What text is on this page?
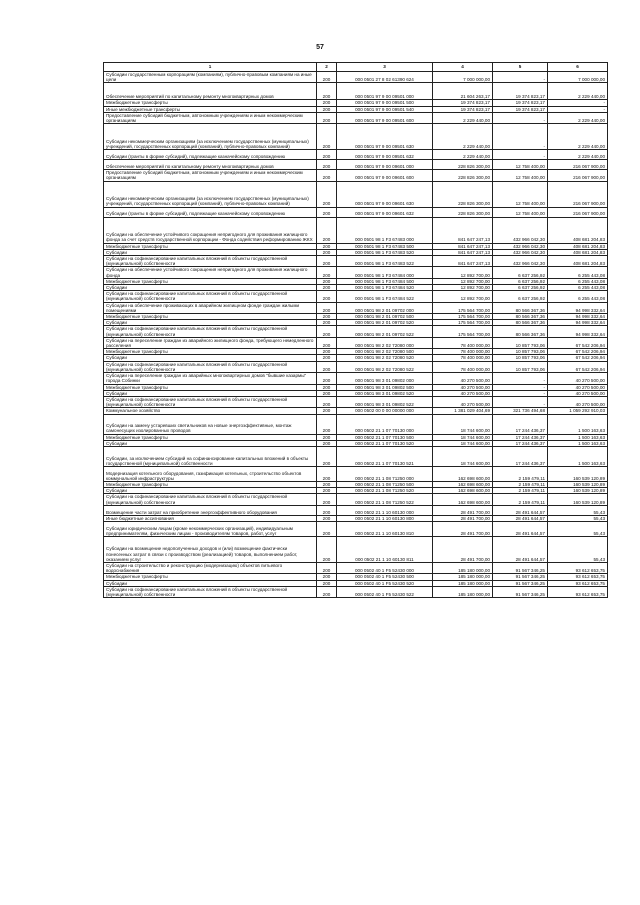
57
1	2	3	4	5	6
Субсидии государственным корпорациям (компаниям), публично-правовым компаниям на иные цели	200	000 0501 27 8 02 61390 624	7 000 000,00	-	7 000 000,00
Обеспечение мероприятий по капитальному ремонту многоквартирных домов	200	000 0501 97 9 00 09501 000	21 604 263,17	19 374 823,17	2 229 440,00
Межбюджетные трансферты	200	000 0501 97 9 00 09501 500	19 374 823,17	19 374 823,17	-
Иные межбюджетные трансферты	200	000 0501 97 9 00 09501 540	19 374 823,17	19 374 823,17	-
Предоставление субсидий бюджетным, автономным учреждениям и иным некоммерческим организациям	200	000 0501 97 9 00 09501 600	2 229 440,00	-	2 229 440,00
Субсидии некоммерческим организациям (за исключением государственных (муниципальных) учреждений, государственных корпораций (компаний), публично-правовых компаний)	200	000 0501 97 9 00 09501 630	2 229 440,00	-	2 229 440,00
Субсидии (гранты в форме субсидий), подлежащие казначейскому сопровождению	200	000 0501 97 9 00 09501 632	2 229 440,00	-	2 229 440,00
Обеспечение мероприятий по капитальному ремонту многоквартирных домов	200	000 0501 97 9 00 09601 000	228 826 300,00	12 758 400,00	216 067 900,00
Предоставление субсидий бюджетным, автономным учреждениям и иным некоммерческим организациям	200	000 0501 97 9 00 09601 600	228 826 300,00	12 758 400,00	216 067 900,00
Субсидии некоммерческим организациям (за исключением государственных (муниципальных) учреждений, государственных корпораций (компаний), публично-правовых компаний)	200	000 0501 97 9 00 09601 630	228 826 300,00	12 758 400,00	216 067 900,00
Субсидии (гранты в форме субсидий), подлежащие казначейскому сопровождению	200	000 0501 97 9 00 09601 632	228 826 300,00	12 758 400,00	216 067 900,00
Субсидии на обеспечение устойчивого сокращения непригодного для проживания жилищного фонда за счет средств государственной корпорации - Фонда содействия реформированию ЖКХ	200	000 0501 98 1 F3 67483 000	841 647 247,13	432 966 042,30	408 681 204,83
Межбюджетные трансферты	200	000 0501 98 1 F3 67483 500	841 647 247,13	432 966 042,30	408 681 204,83
Субсидии	200	000 0501 98 1 F3 67483 520	841 647 247,13	432 966 042,30	408 681 204,83
Субсидии на софинансирование капитальных вложений в объекты государственной (муниципальной) собственности	200	000 0501 98 1 F3 67483 522	841 647 247,13	432 966 042,30	408 681 204,83
Субсидии на обеспечение устойчивого сокращения непригодного для проживания жилищного фонда	200	000 0501 98 1 F3 67484 000	12 892 700,00	6 637 256,92	6 255 443,08
Межбюджетные трансферты	200	000 0501 98 1 F3 67484 500	12 892 700,00	6 637 256,92	6 255 443,08
Субсидии	200	000 0501 98 1 F3 67484 520	12 892 700,00	6 637 256,92	6 255 443,08
Субсидии на софинансирование капитальных вложений в объекты государственной (муниципальной) собственности	200	000 0501 98 1 F3 67484 522	12 892 700,00	6 637 256,92	6 255 443,08
Субсидии на обеспечение проживающих в аварийном жилищном фонде граждан жилыми помещениями	200	000 0501 98 2 01 09702 000	175 564 700,00	80 566 367,36	94 998 332,64
Межбюджетные трансферты	200	000 0501 98 2 01 09702 500	175 564 700,00	80 566 367,36	94 998 332,64
Субсидии	200	000 0501 98 2 01 09702 520	175 564 700,00	80 566 367,36	94 998 332,64
Субсидии на софинансирование капитальных вложений в объекты государственной (муниципальной) собственности	200	000 0501 98 2 01 09702 522	175 564 700,00	80 566 367,36	94 998 332,64
Субсидии на переселение граждан из аварийного жилищного фонда, требующего немедленного расселения	200	000 0501 98 2 02 72080 000	78 400 000,00	10 857 793,06	67 542 206,94
Межбюджетные трансферты	200	000 0501 98 2 02 72080 500	78 400 000,00	10 857 793,06	67 542 206,94
Субсидии	200	000 0501 98 2 02 72080 520	78 400 000,00	10 857 793,06	67 542 206,94
Субсидии на софинансирование капитальных вложений в объекты государственной (муниципальной) собственности	200	000 0501 98 2 02 72080 522	78 400 000,00	10 857 793,06	67 542 206,94
Субсидии на переселение граждан из аварийных многоквартирных домов "бывшие казармы" города Собинки	200	000 0501 98 3 01 09802 000	40 270 500,00	-	40 270 500,00
Межбюджетные трансферты	200	000 0501 98 3 01 09802 500	40 270 500,00	-	40 270 500,00
Субсидии	200	000 0501 98 3 01 09802 520	40 270 500,00	-	40 270 500,00
Субсидии на софинансирование капитальных вложений в объекты государственной (муниципальной) собственности	200	000 0501 98 3 01 09802 522	40 270 500,00	-	40 270 500,00
Коммунальное хозяйство	200	000 0502 00 0 00 00000 000	1 381 029 404,69	321 736 494,68	1 059 292 910,03
Субсидии на замену устаревших светильников на новые энергоэффективные, монтаж самонесущих изолированных проводов	200	000 0502 21 1 07 70130 000	18 744 600,00	17 244 436,37	1 500 163,63
Межбюджетные трансферты	200	000 0502 21 1 07 70130 500	18 744 600,00	17 244 436,37	1 500 163,63
Субсидии	200	000 0502 21 1 07 70130 520	18 744 600,00	17 244 436,37	1 500 163,63
Субсидии, за исключением субсидий на софинансирование капитальных вложений в объекты государственной (муниципальной) собственности	200	000 0502 21 1 07 70130 521	18 744 600,00	17 244 436,37	1 500 163,63
Модернизация котельного оборудования, газификация котельных, строительство объектов коммунальной инфраструктуры	200	000 0502 21 1 08 71250 000	162 698 600,00	2 159 479,11	160 539 120,89
Межбюджетные трансферты	200	000 0502 21 1 08 71250 500	162 698 600,00	2 159 479,11	160 539 120,89
Субсидии	200	000 0502 21 1 08 71250 520	162 698 600,00	2 159 479,11	160 539 120,89
Субсидии на софинансирование капитальных вложений в объекты государственной (муниципальной) собственности	200	000 0502 21 1 08 71250 522	162 698 600,00	2 159 479,11	160 539 120,89
Возмещение части затрат на приобретение энергоэффективного оборудования	200	000 0502 21 1 10 60130 000	28 491 700,00	28 491 644,57	55,43
Иные бюджетные ассигнования	200	000 0502 21 1 10 60130 800	28 491 700,00	28 491 644,57	55,43
Субсидии юридическим лицам (кроме некоммерческих организаций), индивидуальным предпринимателям, физическим лицам - производителям товаров, работ, услуг	200	000 0502 21 1 10 60130 810	28 491 700,00	28 491 644,57	55,43
Субсидии на возмещение недополученных доходов и (или) возмещение фактически понесенных затрат в связи с производством (реализацией) товаров, выполнением работ, оказанием услуг	200	000 0502 21 1 10 60130 811	28 491 700,00	28 491 644,57	55,43
Субсидии на строительство и реконструкцию (модернизацию) объектов питьевого водоснабжения	200	000 0502 40 1 F5 52430 000	185 180 000,00	91 567 346,25	93 612 653,75
Межбюджетные трансферты	200	000 0502 40 1 F5 52430 500	185 180 000,00	91 567 346,25	93 612 653,75
Субсидии	200	000 0502 40 1 F5 52430 520	185 180 000,00	91 567 346,25	93 612 653,75
Субсидии на софинансирование капитальных вложений в объекты государственной (муниципальной) собственности	200	000 0502 40 1 F5 52430 522	185 180 000,00	91 567 346,25	93 612 653,75
